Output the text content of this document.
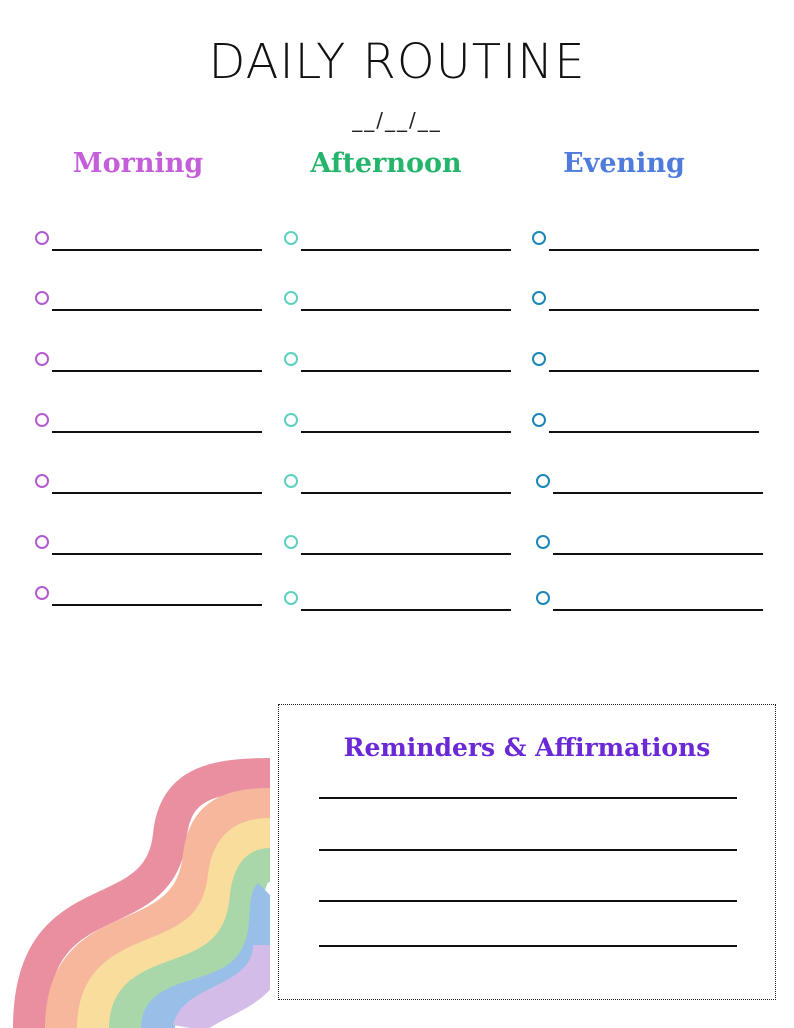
DAILY ROUTINE
__/__/__
Morning	Afternoon	Evening
Reminders & Affirmations
